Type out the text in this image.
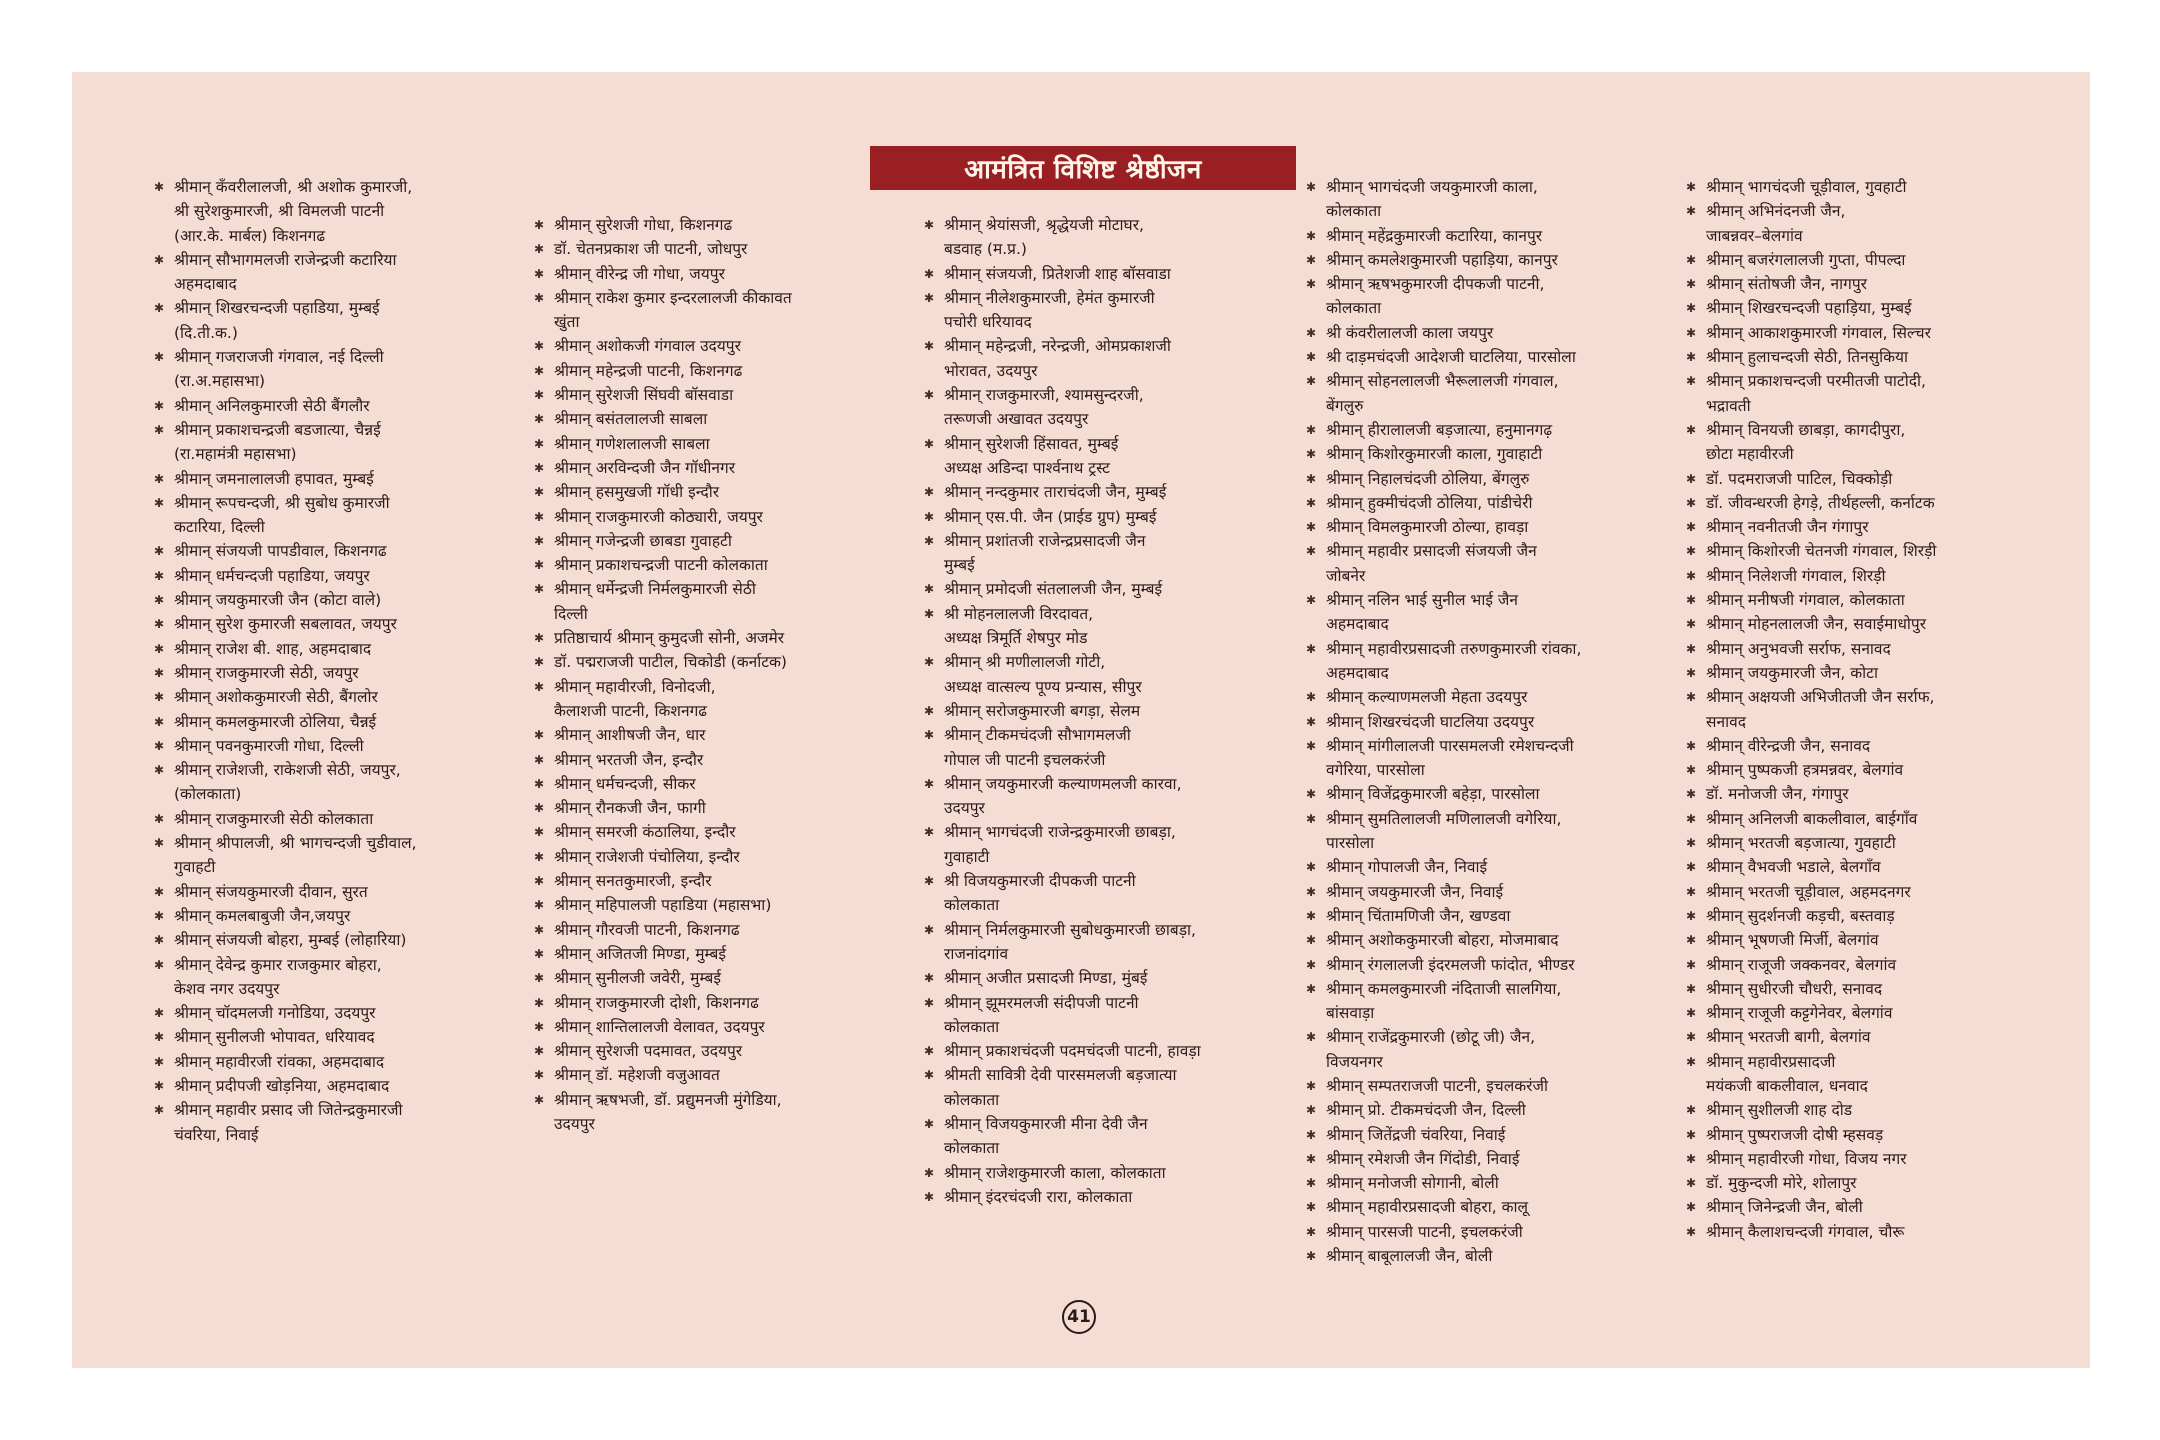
आमंत्रित विशिष्ट श्रेष्ठीजन
✱ श्रीमान् कँवरीलालजी, श्री अशोक कुमारजी,
श्री सुरेशकुमारजी, श्री विमलजी पाटनी
(आर.के. मार्बल) किशनगढ
✱ श्रीमान् सौभागमलजी राजेन्द्रजी कटारिया
अहमदाबाद
✱ श्रीमान् शिखरचन्दजी पहाडिया, मुम्बई
(दि.ती.क.)
✱ श्रीमान् गजराजजी गंगवाल, नई दिल्ली
(रा.अ.महासभा)
✱ श्रीमान् अनिलकुमारजी सेठी बैंगलौर
✱ श्रीमान् प्रकाशचन्द्रजी बडजात्या, चैन्नई
(रा.महामंत्री महासभा)
✱ श्रीमान् जमनालालजी हपावत, मुम्बई
✱ श्रीमान् रूपचन्दजी, श्री सुबोध कुमारजी
कटारिया, दिल्ली
✱ श्रीमान् संजयजी पापडीवाल, किशनगढ
✱ श्रीमान् धर्मचन्दजी पहाडिया, जयपुर
✱ श्रीमान् जयकुमारजी जैन (कोटा वाले)
✱ श्रीमान् सुरेश कुमारजी सबलावत, जयपुर
✱ श्रीमान् राजेश बी. शाह, अहमदाबाद
✱ श्रीमान् राजकुमारजी सेठी, जयपुर
✱ श्रीमान् अशोककुमारजी सेठी, बैंगलोर
✱ श्रीमान् कमलकुमारजी ठोलिया, चैन्नई
✱ श्रीमान् पवनकुमारजी गोधा, दिल्ली
✱ श्रीमान् राजेशजी, राकेशजी सेठी, जयपुर,
(कोलकाता)
✱ श्रीमान् राजकुमारजी सेठी कोलकाता
✱ श्रीमान् श्रीपालजी, श्री भागचन्दजी चुडीवाल,
गुवाहटी
✱ श्रीमान् संजयकुमारजी दीवान, सुरत
✱ श्रीमान् कमलबाबुजी जैन,जयपुर
✱ श्रीमान् संजयजी बोहरा, मुम्बई (लोहारिया)
✱ श्रीमान् देवेन्द्र कुमार राजकुमार बोहरा,
केशव नगर उदयपुर
✱ श्रीमान् चॉदमलजी गनोडिया, उदयपुर
✱ श्रीमान् सुनीलजी भोपावत, धरियावद
✱ श्रीमान् महावीरजी रांवका, अहमदाबाद
✱ श्रीमान् प्रदीपजी खोड़निया, अहमदाबाद
✱ श्रीमान् महावीर प्रसाद जी जितेन्द्रकुमारजी
चंवरिया, निवाई
✱ श्रीमान् सुरेशजी गोधा, किशनगढ
✱ डॉ. चेतनप्रकाश जी पाटनी, जोधपुर
✱ श्रीमान् वीरेन्द्र जी गोधा, जयपुर
✱ श्रीमान् राकेश कुमार इन्दरलालजी कीकावत
खुंता
✱ श्रीमान् अशोकजी गंगवाल उदयपुर
✱ श्रीमान् महेन्द्रजी पाटनी, किशनगढ
✱ श्रीमान् सुरेशजी सिंघवी बॉसवाडा
✱ श्रीमान् बसंतलालजी साबला
✱ श्रीमान् गणेशलालजी साबला
✱ श्रीमान् अरविन्दजी जैन गॉधीनगर
✱ श्रीमान् हसमुखजी गॉधी इन्दौर
✱ श्रीमान् राजकुमारजी कोठ्यारी, जयपुर
✱ श्रीमान् गजेन्द्रजी छाबडा गुवाहटी
✱ श्रीमान् प्रकाशचन्द्रजी पाटनी कोलकाता
✱ श्रीमान् धर्मेन्द्रजी निर्मलकुमारजी सेठी
दिल्ली
✱ प्रतिष्ठाचार्य श्रीमान् कुमुदजी सोनी, अजमेर
✱ डॉ. पद्मराजजी पाटील, चिकोडी (कर्नाटक)
✱ श्रीमान् महावीरजी, विनोदजी,
कैलाशजी पाटनी, किशनगढ
✱ श्रीमान् आशीषजी जैन, धार
✱ श्रीमान् भरतजी जैन, इन्दौर
✱ श्रीमान् धर्मचन्दजी, सीकर
✱ श्रीमान् रौनकजी जैन, फागी
✱ श्रीमान् समरजी कंठालिया, इन्दौर
✱ श्रीमान् राजेशजी पंचोलिया, इन्दौर
✱ श्रीमान् सनतकुमारजी, इन्दौर
✱ श्रीमान् महिपालजी पहाडिया (महासभा)
✱ श्रीमान् गौरवजी पाटनी, किशनगढ
✱ श्रीमान् अजितजी मिण्डा, मुम्बई
✱ श्रीमान् सुनीलजी जवेरी, मुम्बई
✱ श्रीमान् राजकुमारजी दोशी, किशनगढ
✱ श्रीमान् शान्तिलालजी वेलावत, उदयपुर
✱ श्रीमान् सुरेशजी पदमावत, उदयपुर
✱ श्रीमान् डॉ. महेशजी वजुआवत
✱ श्रीमान् ऋषभजी, डॉ. प्रद्युमनजी मुंगेडिया,
उदयपुर
✱ श्रीमान् श्रेयांसजी, श्रृद्धेयजी मोटाघर,
बडवाह (म.प्र.)
✱ श्रीमान् संजयजी, प्रितेशजी शाह बॉसवाडा
✱ श्रीमान् नीलेशकुमारजी, हेमंत कुमारजी
पचोरी धरियावद
✱ श्रीमान् महेन्द्रजी, नरेन्द्रजी, ओमप्रकाशजी
भोरावत, उदयपुर
✱ श्रीमान् राजकुमारजी, श्यामसुन्दरजी,
तरूणजी अखावत उदयपुर
✱ श्रीमान् सुरेशजी हिंसावत, मुम्बई
अध्यक्ष अडिन्दा पार्श्वनाथ ट्रस्ट
✱ श्रीमान् नन्दकुमार ताराचंदजी जैन, मुम्बई
✱ श्रीमान् एस.पी. जैन (प्राईड ग्रुप) मुम्बई
✱ श्रीमान् प्रशांतजी राजेन्द्रप्रसादजी जैन
मुम्बई
✱ श्रीमान् प्रमोदजी संतलालजी जैन, मुम्बई
✱ श्री मोहनलालजी विरदावत,
अध्यक्ष त्रिमूर्ति शेषपुर मोड
✱ श्रीमान् श्री मणीलालजी गोटी,
अध्यक्ष वात्सल्य पूण्य प्रन्यास, सीपुर
✱ श्रीमान् सरोजकुमारजी बगड़ा, सेलम
✱ श्रीमान् टीकमचंदजी सौभागमलजी
गोपाल जी पाटनी इचलकरंजी
✱ श्रीमान् जयकुमारजी कल्याणमलजी कारवा,
उदयपुर
✱ श्रीमान् भागचंदजी राजेन्द्रकुमारजी छाबड़ा,
गुवाहाटी
✱ श्री विजयकुमारजी दीपकजी पाटनी
कोलकाता
✱ श्रीमान् निर्मलकुमारजी सुबोधकुमारजी छाबड़ा,
राजनांदगांव
✱ श्रीमान् अजीत प्रसादजी मिण्डा, मुंबई
✱ श्रीमान् झूमरमलजी संदीपजी पाटनी
कोलकाता
✱ श्रीमान् प्रकाशचंदजी पदमचंदजी पाटनी, हावड़ा
✱ श्रीमती सावित्री देवी पारसमलजी बड़जात्या
कोलकाता
✱ श्रीमान् विजयकुमारजी मीना देवी जैन
कोलकाता
✱ श्रीमान् राजेशकुमारजी काला, कोलकाता
✱ श्रीमान् इंदरचंदजी रारा, कोलकाता
✱ श्रीमान् भागचंदजी जयकुमारजी काला,
कोलकाता
✱ श्रीमान् महेंद्रकुमारजी कटारिया, कानपुर
✱ श्रीमान् कमलेशकुमारजी पहाड़िया, कानपुर
✱ श्रीमान् ऋषभकुमारजी दीपकजी पाटनी,
कोलकाता
✱ श्री कंवरीलालजी काला जयपुर
✱ श्री दाड़मचंदजी आदेशजी घाटलिया, पारसोला
✱ श्रीमान् सोहनलालजी भैरूलालजी गंगवाल,
बेंगलुरु
✱ श्रीमान् हीरालालजी बड़जात्या, हनुमानगढ़
✱ श्रीमान् किशोरकुमारजी काला, गुवाहाटी
✱ श्रीमान् निहालचंदजी ठोलिया, बेंगलुरु
✱ श्रीमान् हुक्मीचंदजी ठोलिया, पांडीचेरी
✱ श्रीमान् विमलकुमारजी ठोल्या, हावड़ा
✱ श्रीमान् महावीर प्रसादजी संजयजी जैन
जोबनेर
✱ श्रीमान् नलिन भाई सुनील भाई जैन
अहमदाबाद
✱ श्रीमान् महावीरप्रसादजी तरुणकुमारजी रांवका,
अहमदाबाद
✱ श्रीमान् कल्याणमलजी मेहता उदयपुर
✱ श्रीमान् शिखरचंदजी घाटलिया उदयपुर
✱ श्रीमान् मांगीलालजी पारसमलजी रमेशचन्दजी
वगेरिया, पारसोला
✱ श्रीमान् विजेंद्रकुमारजी बहेड़ा, पारसोला
✱ श्रीमान् सुमतिलालजी मणिलालजी वगेरिया,
पारसोला
✱ श्रीमान् गोपालजी जैन, निवाई
✱ श्रीमान् जयकुमारजी जैन, निवाई
✱ श्रीमान् चिंतामणिजी जैन, खण्डवा
✱ श्रीमान् अशोककुमारजी बोहरा, मोजमाबाद
✱ श्रीमान् रंगलालजी इंदरमलजी फांदोत, भीण्डर
✱ श्रीमान् कमलकुमारजी नंदिताजी सालगिया,
बांसवाड़ा
✱ श्रीमान् राजेंद्रकुमारजी (छोटू जी) जैन,
विजयनगर
✱ श्रीमान् सम्पतराजजी पाटनी, इचलकरंजी
✱ श्रीमान् प्रो. टीकमचंदजी जैन, दिल्ली
✱ श्रीमान् जितेंद्रजी चंवरिया, निवाई
✱ श्रीमान् रमेशजी जैन गिंदोडी, निवाई
✱ श्रीमान् मनोजजी सोगानी, बोली
✱ श्रीमान् महावीरप्रसादजी बोहरा, कालू
✱ श्रीमान् पारसजी पाटनी, इचलकरंजी
✱ श्रीमान् बाबूलालजी जैन, बोली
✱ श्रीमान् भागचंदजी चूड़ीवाल, गुवहाटी
✱ श्रीमान् अभिनंदनजी जैन,
जाबन्नवर–बेलगांव
✱ श्रीमान् बजरंगलालजी गुप्ता, पीपल्दा
✱ श्रीमान् संतोषजी जैन, नागपुर
✱ श्रीमान् शिखरचन्दजी पहाड़िया, मुम्बई
✱ श्रीमान् आकाशकुमारजी गंगवाल, सिल्चर
✱ श्रीमान् हुलाचन्दजी सेठी, तिनसुकिया
✱ श्रीमान् प्रकाशचन्दजी परमीतजी पाटोदी,
भद्रावती
✱ श्रीमान् विनयजी छाबड़ा, कागदीपुरा,
छोटा महावीरजी
✱ डॉ. पदमराजजी पाटिल, चिक्कोड़ी
✱ डॉ. जीवन्धरजी हेगड़े, तीर्थहल्ली, कर्नाटक
✱ श्रीमान् नवनीतजी जैन गंगापुर
✱ श्रीमान् किशोरजी चेतनजी गंगवाल, शिरड़ी
✱ श्रीमान् निलेशजी गंगवाल, शिरड़ी
✱ श्रीमान् मनीषजी गंगवाल, कोलकाता
✱ श्रीमान् मोहनलालजी जैन, सवाईमाधोपुर
✱ श्रीमान् अनुभवजी सर्राफ, सनावद
✱ श्रीमान् जयकुमारजी जैन, कोटा
✱ श्रीमान् अक्षयजी अभिजीतजी जैन सर्राफ,
सनावद
✱ श्रीमान् वीरेन्द्रजी जैन, सनावद
✱ श्रीमान् पुष्पकजी हत्रमन्नवर, बेलगांव
✱ डॉ. मनोजजी जैन, गंगापुर
✱ श्रीमान् अनिलजी बाकलीवाल, बाईगाँव
✱ श्रीमान् भरतजी बड़जात्या, गुवहाटी
✱ श्रीमान् वैभवजी भडाले, बेलगाँव
✱ श्रीमान् भरतजी चूड़ीवाल, अहमदनगर
✱ श्रीमान् सुदर्शनजी कड़ची, बस्तवाड़
✱ श्रीमान् भूषणजी मिर्जी, बेलगांव
✱ श्रीमान् राजूजी जक्कनवर, बेलगांव
✱ श्रीमान् सुधीरजी चौधरी, सनावद
✱ श्रीमान् राजूजी कट्टगेनेवर, बेलगांव
✱ श्रीमान् भरतजी बागी, बेलगांव
✱ श्रीमान् महावीरप्रसादजी
मयंकजी बाकलीवाल, धनवाद
✱ श्रीमान् सुशीलजी शाह दोड
✱ श्रीमान् पुष्पराजजी दोषी म्हसवड़
✱ श्रीमान् महावीरजी गोधा, विजय नगर
✱ डॉ. मुकुन्दजी मोरे, शोलापुर
✱ श्रीमान् जिनेन्द्रजी जैन, बोली
✱ श्रीमान् कैलाशचन्दजी गंगवाल, चौरू
41
